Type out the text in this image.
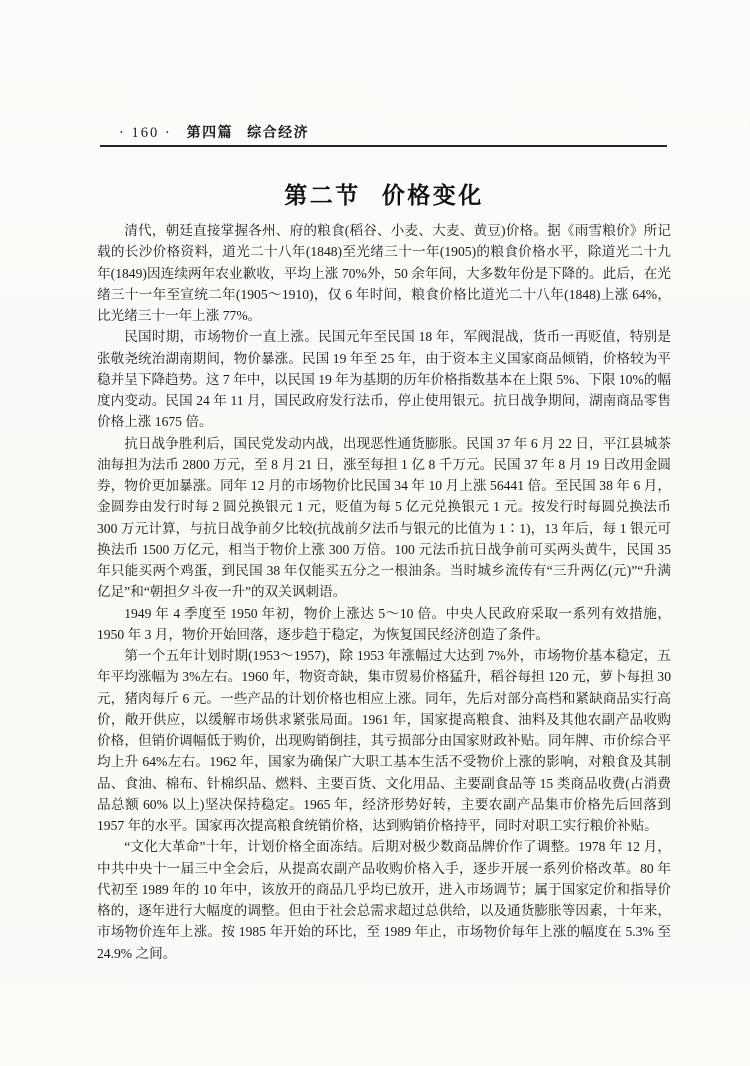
· 160 · 第四篇 综合经济
第二节 价格变化

清代，朝廷直接掌握各州、府的粮食(稻谷、小麦、大麦、黄豆)价格。据《雨雪粮价》所记载的长沙价格资料，道光二十八年(1848)至光绪三十一年(1905)的粮食价格水平，除道光二十九年(1849)因连续两年农业歉收，平均上涨 70%外，50 余年间，大多数年份是下降的。此后，在光绪三十一年至宣统二年(1905～1910)，仅 6 年时间，粮食价格比道光二十八年(1848)上涨 64%，比光绪三十一年上涨 77%。

民国时期，市场物价一直上涨。民国元年至民国 18 年，军阀混战，货币一再贬值，特别是张敬尧统治湖南期间，物价暴涨。民国 19 年至 25 年，由于资本主义国家商品倾销，价格较为平稳并呈下降趋势。这 7 年中，以民国 19 年为基期的历年价格指数基本在上限 5%、下限 10%的幅度内变动。民国 24 年 11 月，国民政府发行法币，停止使用银元。抗日战争期间，湖南商品零售价格上涨 1675 倍。

抗日战争胜利后，国民党发动内战，出现恶性通货膨胀。民国 37 年 6 月 22 日，平江县城茶油每担为法币 2800 万元，至 8 月 21 日，涨至每担 1 亿 8 千万元。民国 37 年 8 月 19 日改用金圆券，物价更加暴涨。同年 12 月的市场物价比民国 34 年 10 月上涨 56441 倍。至民国 38 年 6 月，金圆券由发行时每 2 圆兑换银元 1 元，贬值为每 5 亿元兑换银元 1 元。按发行时每圆兑换法币 300 万元计算，与抗日战争前夕比较(抗战前夕法币与银元的比值为 1∶1)，13 年后，每 1 银元可换法币 1500 万亿元，相当于物价上涨 300 万倍。100 元法币抗日战争前可买两头黄牛，民国 35 年只能买两个鸡蛋，到民国 38 年仅能买五分之一根油条。当时城乡流传有“三升两亿(元)”“升满亿足”和“朝担夕斗夜一升”的双关讽刺语。

1949 年 4 季度至 1950 年初，物价上涨达 5～10 倍。中央人民政府采取一系列有效措施，1950 年 3 月，物价开始回落，逐步趋于稳定，为恢复国民经济创造了条件。

第一个五年计划时期(1953～1957)，除 1953 年涨幅过大达到 7%外，市场物价基本稳定，五年平均涨幅为 3%左右。1960 年，物资奇缺，集市贸易价格猛升，稻谷每担 120 元，萝卜每担 30 元，猪肉每斤 6 元。一些产品的计划价格也相应上涨。同年，先后对部分高档和紧缺商品实行高价，敞开供应，以缓解市场供求紧张局面。1961 年，国家提高粮食、油料及其他农副产品收购价格，但销价调幅低于购价，出现购销倒挂，其亏损部分由国家财政补贴。同年牌、市价综合平均上升 64%左右。1962 年，国家为确保广大职工基本生活不受物价上涨的影响，对粮食及其制品、食油、棉布、针棉织品、燃料、主要百货、文化用品、主要副食品等 15 类商品收费(占消费品总额 60% 以上)坚决保持稳定。1965 年，经济形势好转，主要农副产品集市价格先后回落到 1957 年的水平。国家再次提高粮食统销价格，达到购销价格持平，同时对职工实行粮价补贴。

“文化大革命”十年，计划价格全面冻结。后期对极少数商品牌价作了调整。1978 年 12 月，中共中央十一届三中全会后，从提高农副产品收购价格入手，逐步开展一系列价格改革。80 年代初至 1989 年的 10 年中，该放开的商品几乎均已放开，进入市场调节；属于国家定价和指导价格的，逐年进行大幅度的调整。但由于社会总需求超过总供给，以及通货膨胀等因素，十年来，市场物价连年上涨。按 1985 年开始的环比，至 1989 年止，市场物价每年上涨的幅度在 5.3% 至24.9% 之间。
